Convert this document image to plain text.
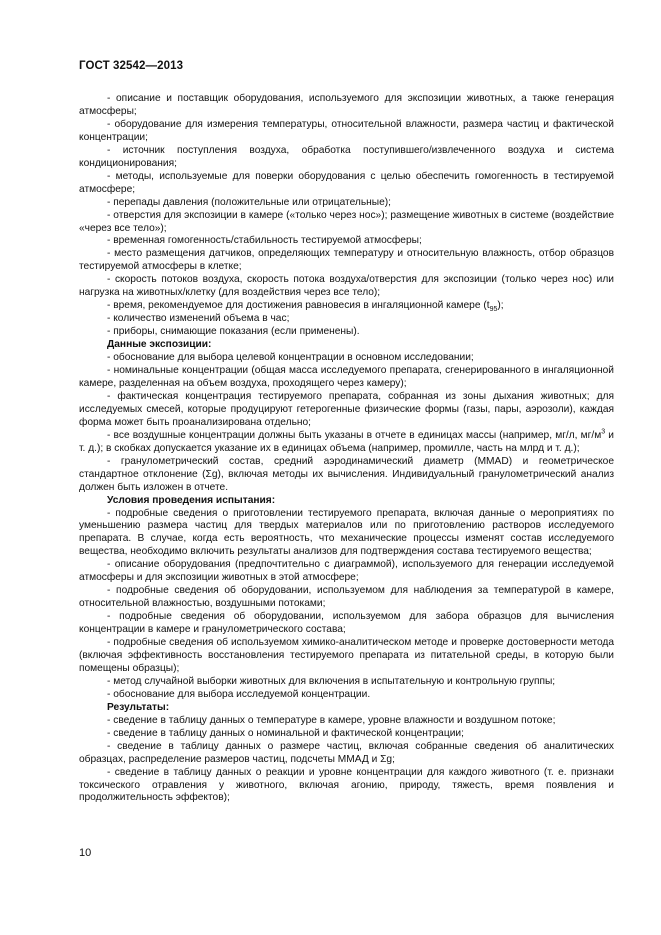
ГОСТ 32542—2013

- описание и поставщик оборудования, используемого для экспозиции животных, а также генерация атмосферы;

- оборудование для измерения температуры, относительной влажности, размера частиц и фактической концентрации;

- источник поступления воздуха, обработка поступившего/извлеченного воздуха и система кондиционирования;

- методы, используемые для поверки оборудования с целью обеспечить гомогенность в тестируемой атмосфере;

- перепады давления (положительные или отрицательные);

- отверстия для экспозиции в камере («только через нос»); размещение животных в системе (воздействие «через все тело»);

- временная гомогенность/стабильность тестируемой атмосферы;

- место размещения датчиков, определяющих температуру и относительную влажность, отбор образцов тестируемой атмосферы в клетке;

- скорость потоков воздуха, скорость потока воздуха/отверстия для экспозиции (только через нос) или нагрузка на животных/клетку (для воздействия через все тело);

- время, рекомендуемое для достижения равновесия в ингаляционной камере $(t_{95})$;

- количество изменений объема в час;

- приборы, снимающие показания (если применены).

Данные экспозиции:

- обоснование для выбора целевой концентрации в основном исследовании;

- номинальные концентрации (общая масса исследуемого препарата, сгенерированного в ингаляционной камере, разделенная на объем воздуха, проходящего через камеру);

- фактическая концентрация тестируемого препарата, собранная из зоны дыхания животных; для исследуемых смесей, которые продуцируют гетерогенные физические формы (газы, пары, аэрозоли), каждая форма может быть проанализирована отдельно;

- все воздушные концентрации должны быть указаны в отчете в единицах массы (например, мг/л, $мг/м^3$ и т. д.); в скобках допускается указание их в единицах объема (например, промилле, часть на млрд и т. д.);

- гранулометрический состав, средний аэродинамический диаметр (MMAD) и геометрическое стандартное отклонение (Σg), включая методы их вычисления. Индивидуальный гранулометрический анализ должен быть изложен в отчете.

Условия проведения испытания:

- подробные сведения о приготовлении тестируемого препарата, включая данные о мероприятиях по уменьшению размера частиц для твердых материалов или по приготовлению растворов исследуемого препарата. В случае, когда есть вероятность, что механические процессы изменят состав исследуемого вещества, необходимо включить результаты анализов для подтверждения состава тестируемого вещества;

- описание оборудования (предпочтительно с диаграммой), используемого для генерации исследуемой атмосферы и для экспозиции животных в этой атмосфере;

- подробные сведения об оборудовании, используемом для наблюдения за температурой в камере, относительной влажностью, воздушными потоками;

- подробные сведения об оборудовании, используемом для забора образцов для вычисления концентрации в камере и гранулометрического состава;

- подробные сведения об используемом химико-аналитическом методе и проверке достоверности метода (включая эффективность восстановления тестируемого препарата из питательной среды, в которую были помещены образцы);

- метод случайной выборки животных для включения в испытательную и контрольную группы;

- обоснование для выбора исследуемой концентрации.

Результаты:

- сведение в таблицу данных о температуре в камере, уровне влажности и воздушном потоке;

- сведение в таблицу данных о номинальной и фактической концентрации;

- сведение в таблицу данных о размере частиц, включая собранные сведения об аналитических образцах, распределение размеров частиц, подсчеты ММАД и Σg;

- сведение в таблицу данных о реакции и уровне концентрации для каждого животного (т. е. признаки токсического отравления у животного, включая агонию, природу, тяжесть, время появления и продолжительность эффектов);

10
